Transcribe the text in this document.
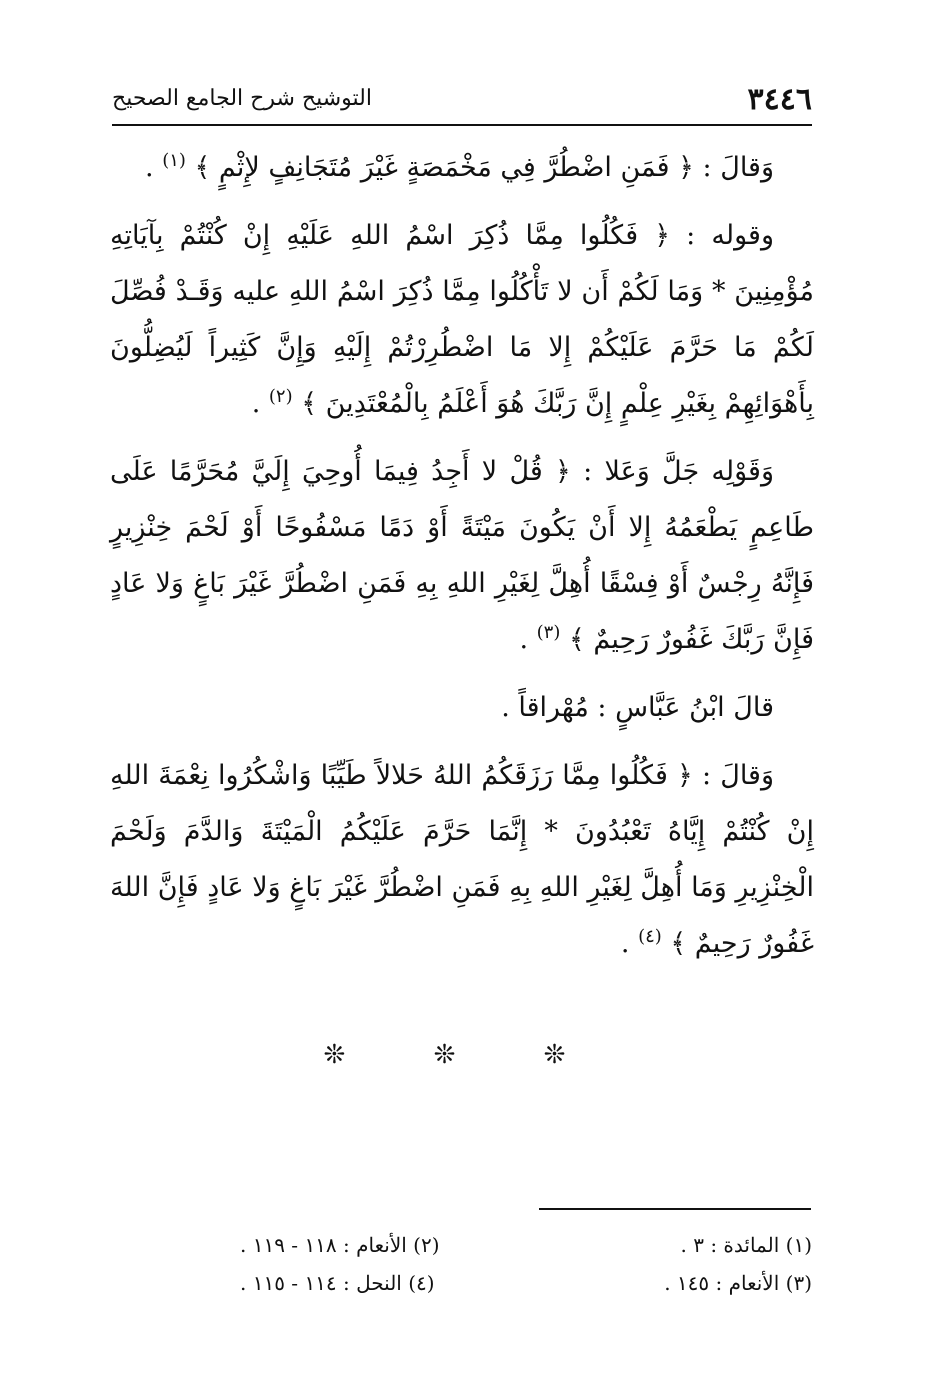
٣٤٤٦
التوشيح شرح الجامع الصحيح

وَقالَ : ﴿ فَمَنِ اضْطُرَّ فِي مَخْمَصَةٍ غَيْرَ مُتَجَانِفٍ لإِثْمٍ ﴾ $^{(١)}$ .

وقوله : ﴿ فَكُلُوا مِمَّا ذُكِرَ اسْمُ اللهِ عَلَيْهِ إِنْ كُنْتُمْ بِآيَاتِهِ مُؤْمِنِينَ * وَمَا لَكُمْ أَن لا تَأْكُلُوا مِمَّا ذُكِرَ اسْمُ اللهِ عليه وَقَـدْ فُصِّلَ لَكُمْ مَا حَرَّمَ عَلَيْكُمْ إِلا مَا اضْطُرِرْتُمْ إِلَيْهِ وَإِنَّ كَثِيراً لَيُضِلُّونَ بِأَهْوَائِهِمْ بِغَيْرِ عِلْمٍ إِنَّ رَبَّكَ هُوَ أَعْلَمُ بِالْمُعْتَدِينَ ﴾ $^{(٢)}$ .

وَقَوْلِه جَلَّ وَعَلا : ﴿ قُلْ لا أَجِدُ فِيمَا أُوحِيَ إِلَيَّ مُحَرَّمًا عَلَى طَاعِمٍ يَطْعَمُهُ إِلا أَنْ يَكُونَ مَيْتَةً أَوْ دَمًا مَسْفُوحًا أَوْ لَحْمَ خِنْزِيرٍ فَإِنَّهُ رِجْسٌ أَوْ فِسْقًا أُهِلَّ لِغَيْرِ اللهِ بِهِ فَمَنِ اضْطُرَّ غَيْرَ بَاغٍ وَلا عَادٍ فَإِنَّ رَبَّكَ غَفُورٌ رَحِيمٌ ﴾ $^{(٣)}$ .

قالَ ابْنُ عَبَّاسٍ : مُهْراقاً .

وَقالَ : ﴿ فَكُلُوا مِمَّا رَزَقَكُمُ اللهُ حَلالاً طَيِّبًا وَاشْكُرُوا نِعْمَةَ اللهِ إِنْ كُنْتُمْ إِيَّاهُ تَعْبُدُونَ * إِنَّمَا حَرَّمَ عَلَيْكُمُ الْمَيْتَةَ وَالدَّمَ وَلَحْمَ الْخِنْزِيرِ وَمَا أُهِلَّ لِغَيْرِ اللهِ بِهِ فَمَنِ اضْطُرَّ غَيْرَ بَاغٍ وَلا عَادٍ فَإِنَّ اللهَ غَفُورٌ رَحِيمٌ ﴾ $^{(٤)}$ .

❊ ❊ ❊
(١) المائدة : ٣ .
(٢) الأنعام : ١١٨ - ١١٩ .
(٣) الأنعام : ١٤٥ .
(٤) النحل : ١١٤ - ١١٥ .
